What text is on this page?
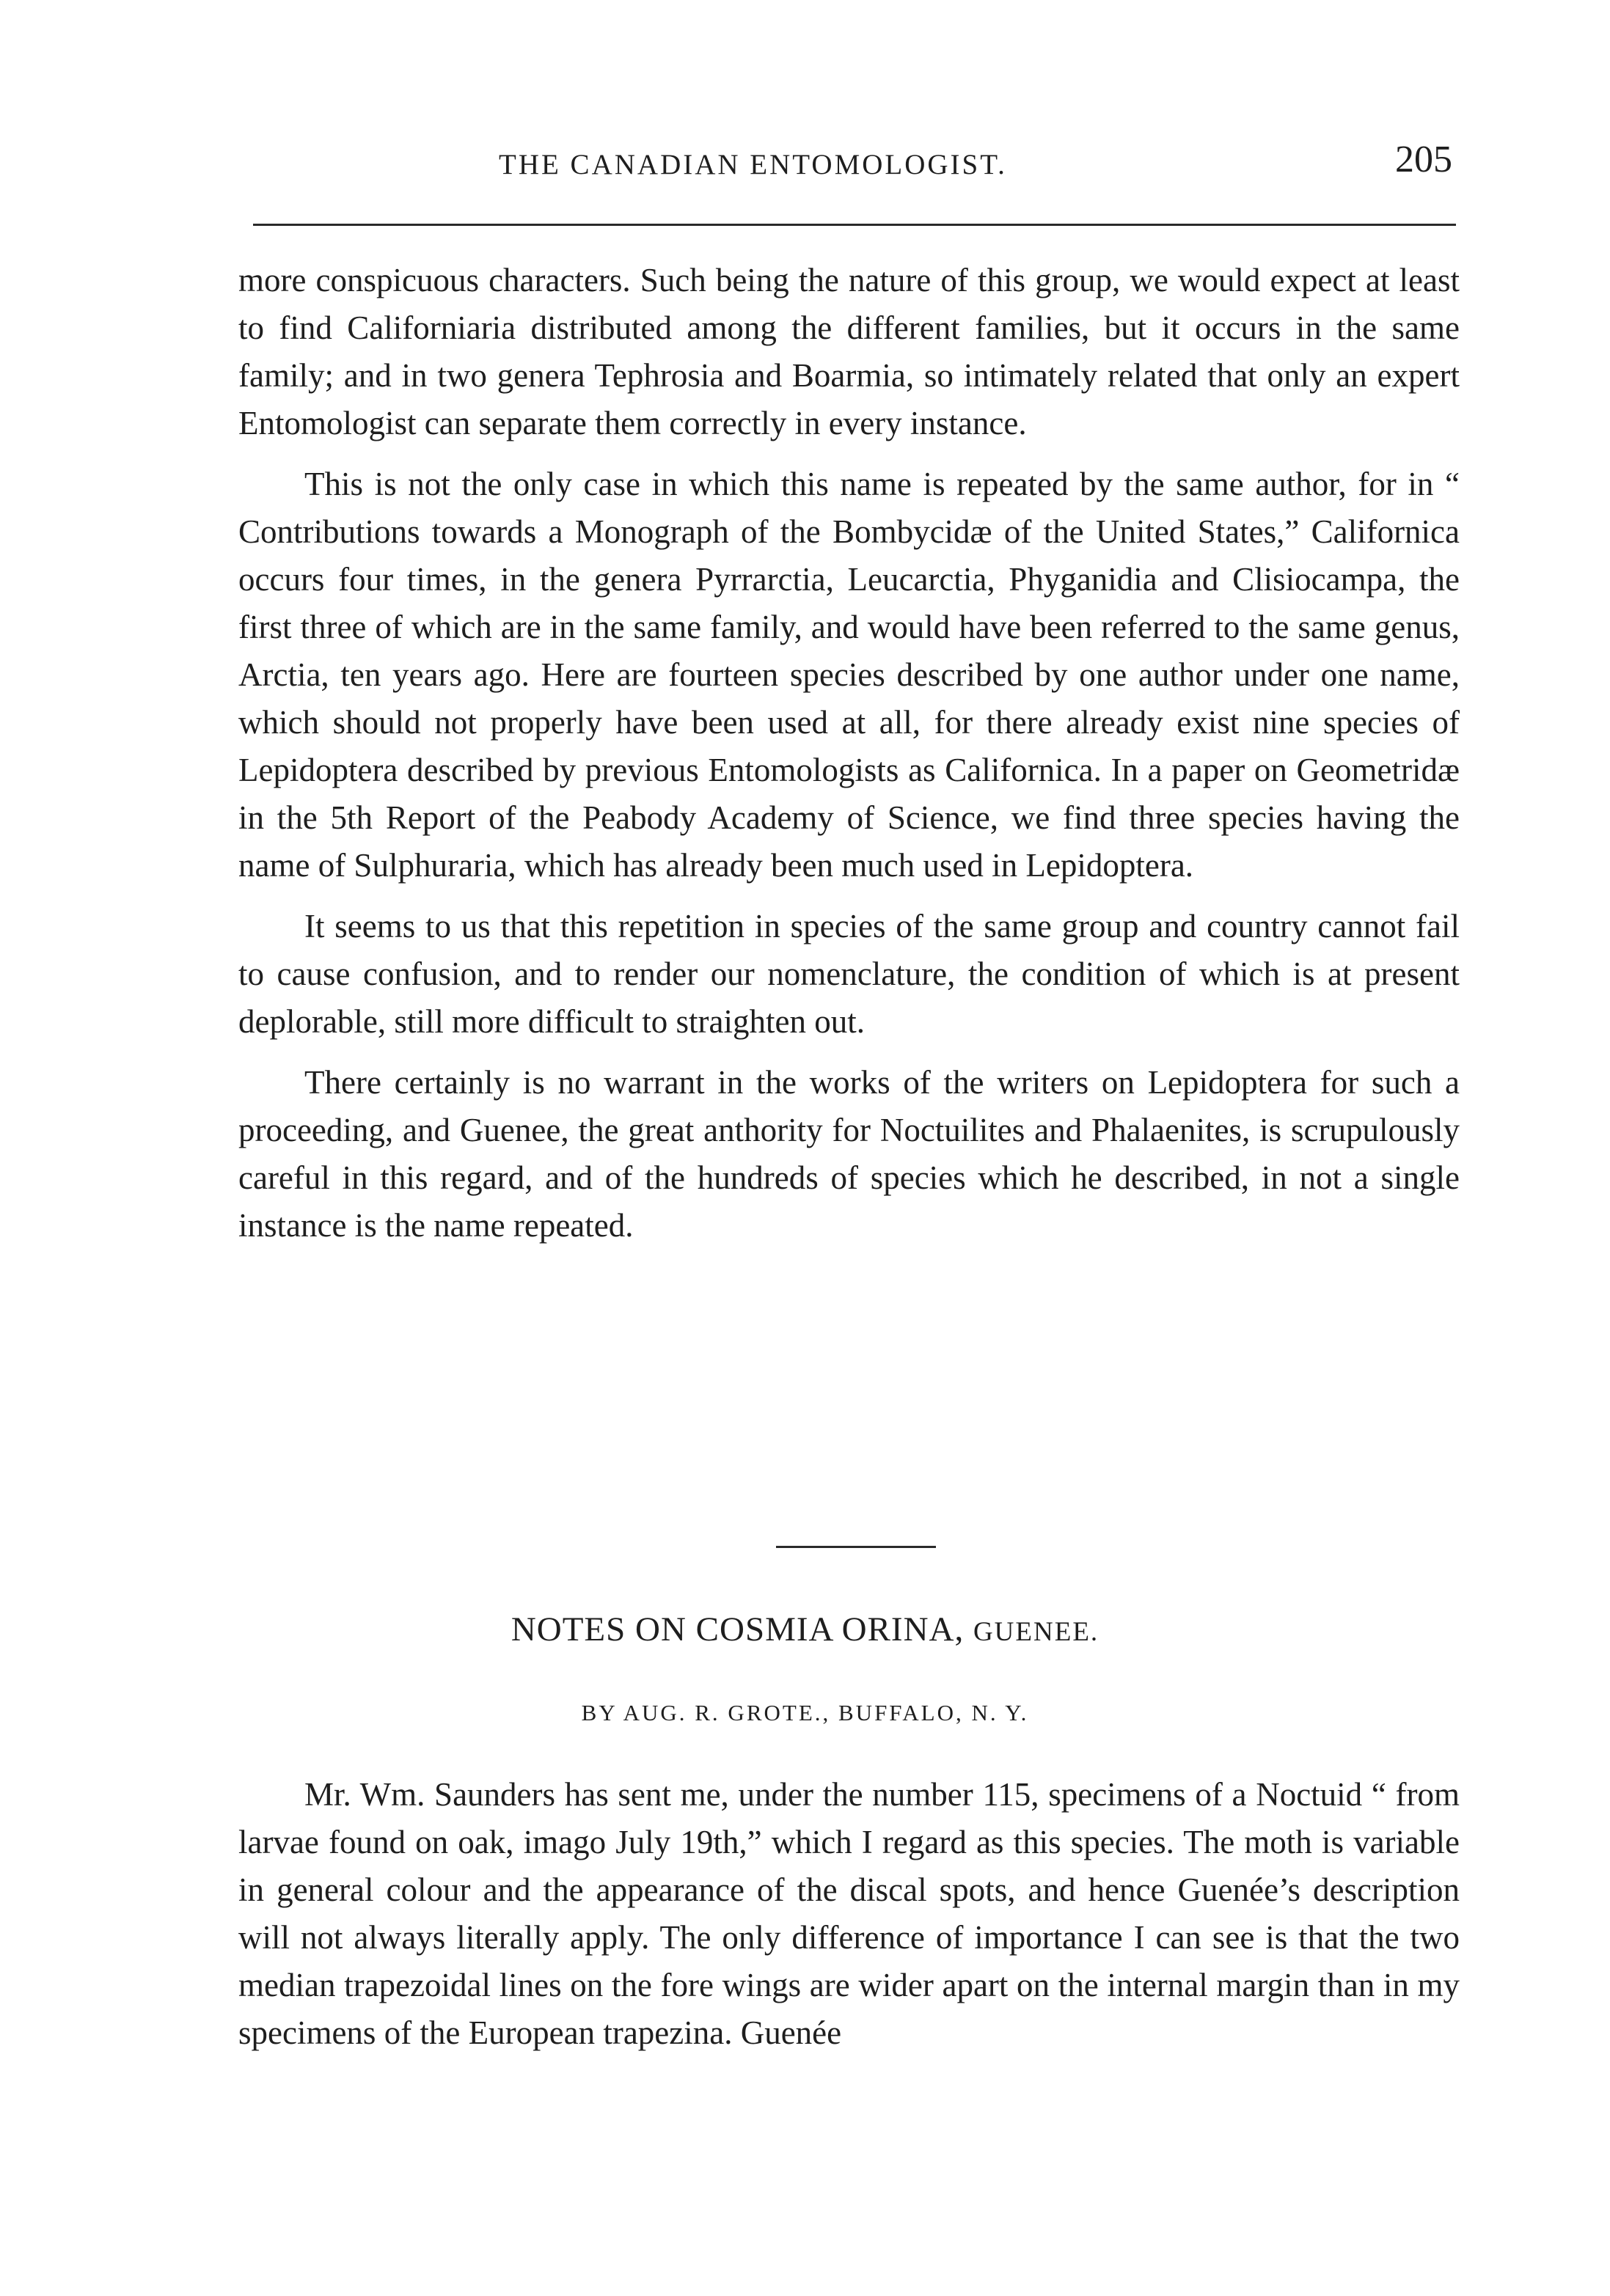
THE CANADIAN ENTOMOLOGIST.	205

more conspicuous characters. Such being the nature of this group, we would expect at least to find Californiaria distributed among the different families, but it occurs in the same family; and in two genera Tephrosia and Boarmia, so intimately related that only an expert Entomologist can separate them correctly in every instance.

This is not the only case in which this name is repeated by the same author, for in “ Contributions towards a Monograph of the Bombycidæ of the United States,” Californica occurs four times, in the genera Pyrrarctia, Leucarctia, Phyganidia and Clisiocampa, the first three of which are in the same family, and would have been referred to the same genus, Arctia, ten years ago. Here are fourteen species described by one author under one name, which should not properly have been used at all, for there already exist nine species of Lepidoptera described by previous Entomologists as Californica. In a paper on Geometridæ in the 5th Report of the Peabody Academy of Science, we find three species having the name of Sulphuraria, which has already been much used in Lepidoptera.

It seems to us that this repetition in species of the same group and country cannot fail to cause confusion, and to render our nomenclature, the condition of which is at present deplorable, still more difficult to straighten out.

There certainly is no warrant in the works of the writers on Lepidoptera for such a proceeding, and Guenee, the great anthority for Noctuilites and Phalaenites, is scrupulously careful in this regard, and of the hundreds of species which he described, in not a single instance is the name repeated.

NOTES ON COSMIA ORINA, GUENEE.
BY AUG. R. GROTE., BUFFALO, N. Y.

Mr. Wm. Saunders has sent me, under the number 115, specimens of a Noctuid “ from larvae found on oak, imago July 19th,” which I regard as this species. The moth is variable in general colour and the appearance of the discal spots, and hence Guenée’s description will not always literally apply. The only difference of importance I can see is that the two median trapezoidal lines on the fore wings are wider apart on the internal margin than in my specimens of the European trapezina. Guenée
